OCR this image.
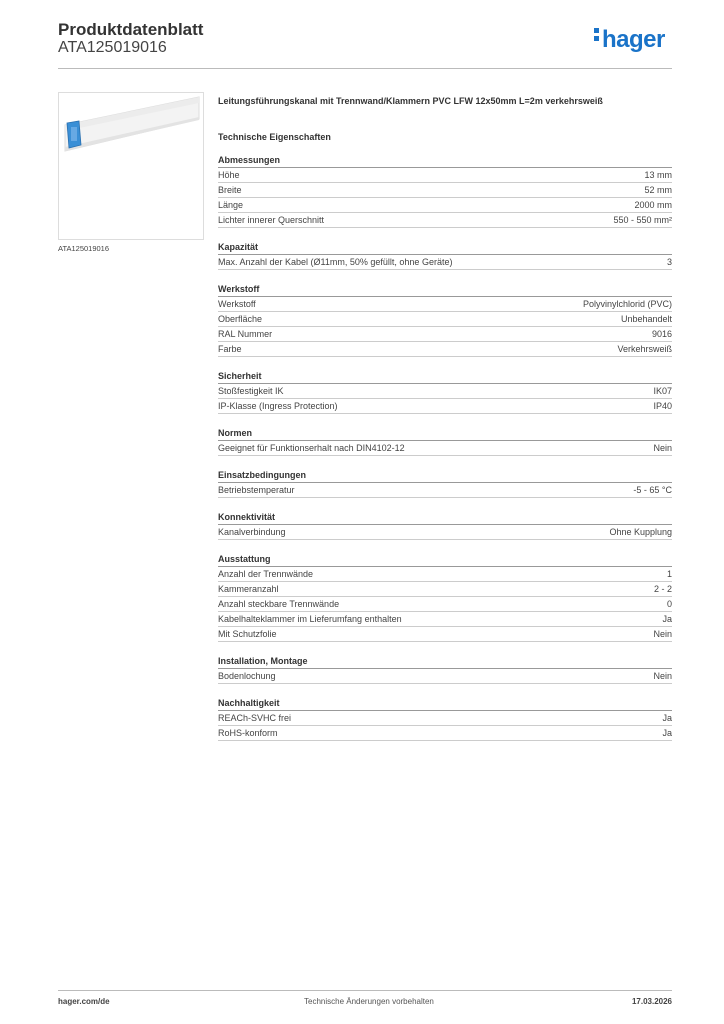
Produktdatenblatt
ATA125019016	hager
ATA125019016
Leitungsführungskanal mit Trennwand/Klammern PVC LFW 12x50mm L=2m verkehrsweiß
Technische Eigenschaften
Abmessungen
Höhe	13 mm
Breite	52 mm
Länge	2000 mm
Lichter innerer Querschnitt	550 - 550 mm²
Kapazität
Max. Anzahl der Kabel (Ø11mm, 50% gefüllt, ohne Geräte)	3
Werkstoff
Werkstoff	Polyvinylchlorid (PVC)
Oberfläche	Unbehandelt
RAL Nummer	9016
Farbe	Verkehrsweiß
Sicherheit
Stoßfestigkeit IK	IK07
IP-Klasse (Ingress Protection)	IP40
Normen
Geeignet für Funktionserhalt nach DIN4102-12	Nein
Einsatzbedingungen
Betriebstemperatur	-5 - 65 °C
Konnektivität
Kanalverbindung	Ohne Kupplung
Ausstattung
Anzahl der Trennwände	1
Kammeranzahl	2 - 2
Anzahl steckbare Trennwände	0
Kabelhalteklammer im Lieferumfang enthalten	Ja
Mit Schutzfolie	Nein
Installation, Montage
Bodenlochung	Nein
Nachhaltigkeit
REACh-SVHC frei	Ja
RoHS-konform	Ja
hager.com/de	Technische Änderungen vorbehalten	17.03.2026
